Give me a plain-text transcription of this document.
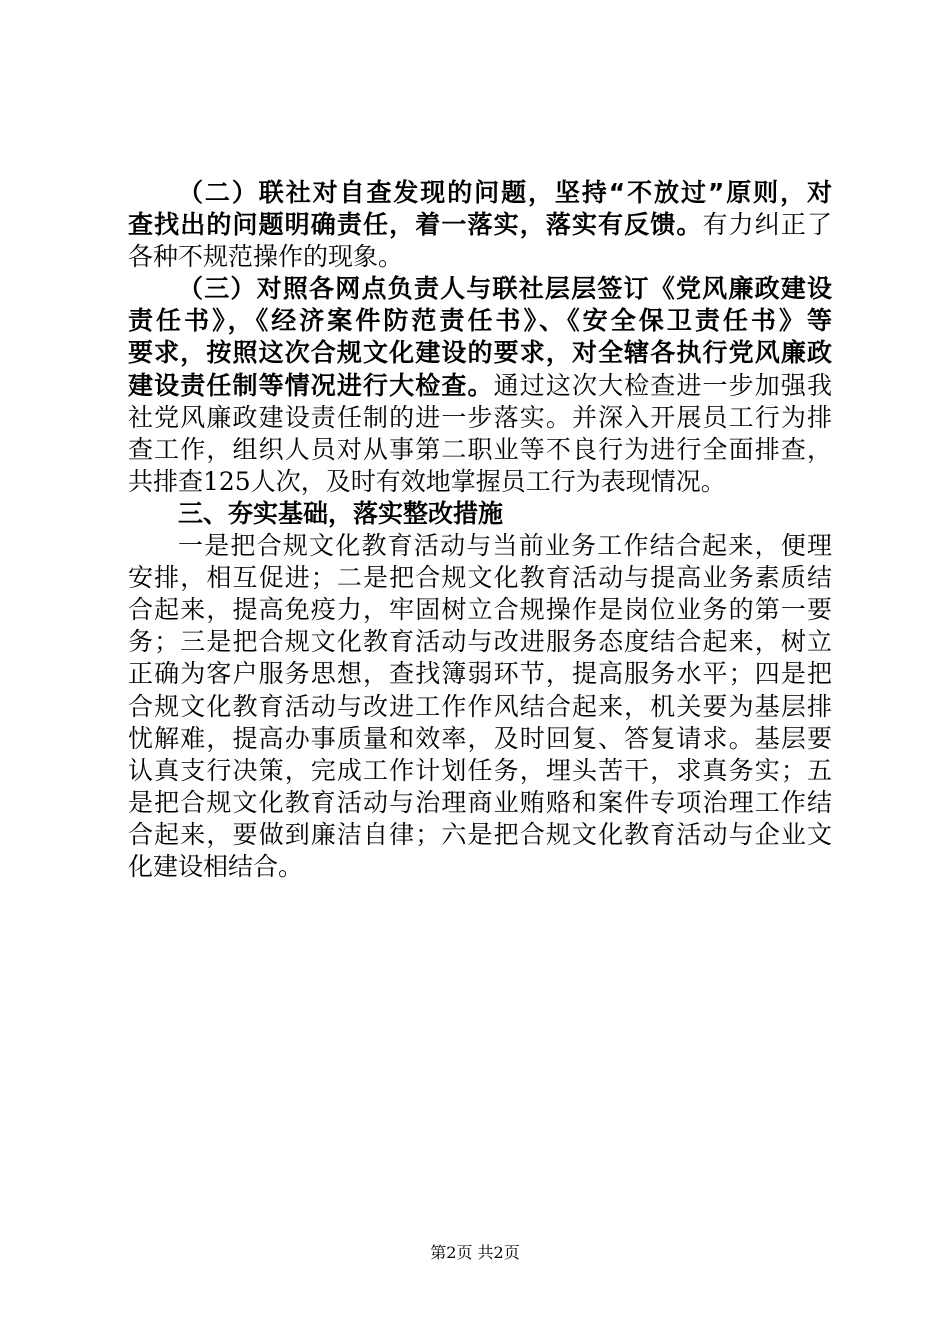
（二）联社对自查发现的问题，坚持“不放过”原则，对
查找出的问题明确责任，着一落实，落实有反馈。有力纠正了
各种不规范操作的现象。
（三）对照各网点负责人与联社层层签订《党风廉政建设
责任书》，《经济案件防范责任书》、《安全保卫责任书》等
要求，按照这次合规文化建设的要求，对全辖各执行党风廉政
建设责任制等情况进行大检查。通过这次大检查进一步加强我
社党风廉政建设责任制的进一步落实。并深入开展员工行为排
查工作，组织人员对从事第二职业等不良行为进行全面排查，
共排查125人次，及时有效地掌握员工行为表现情况。
三、夯实基础，落实整改措施
一是把合规文化教育活动与当前业务工作结合起来，便理
安排，相互促进；二是把合规文化教育活动与提高业务素质结
合起来，提高免疫力，牢固树立合规操作是岗位业务的第一要
务；三是把合规文化教育活动与改进服务态度结合起来，树立
正确为客户服务思想，查找簿弱环节，提高服务水平；四是把
合规文化教育活动与改进工作作风结合起来，机关要为基层排
忧解难，提高办事质量和效率，及时回复、答复请求。基层要
认真支行决策，完成工作计划任务，埋头苦干，求真务实；五
是把合规文化教育活动与治理商业贿赂和案件专项治理工作结
合起来，要做到廉洁自律；六是把合规文化教育活动与企业文
化建设相结合。
第2页 共2页
